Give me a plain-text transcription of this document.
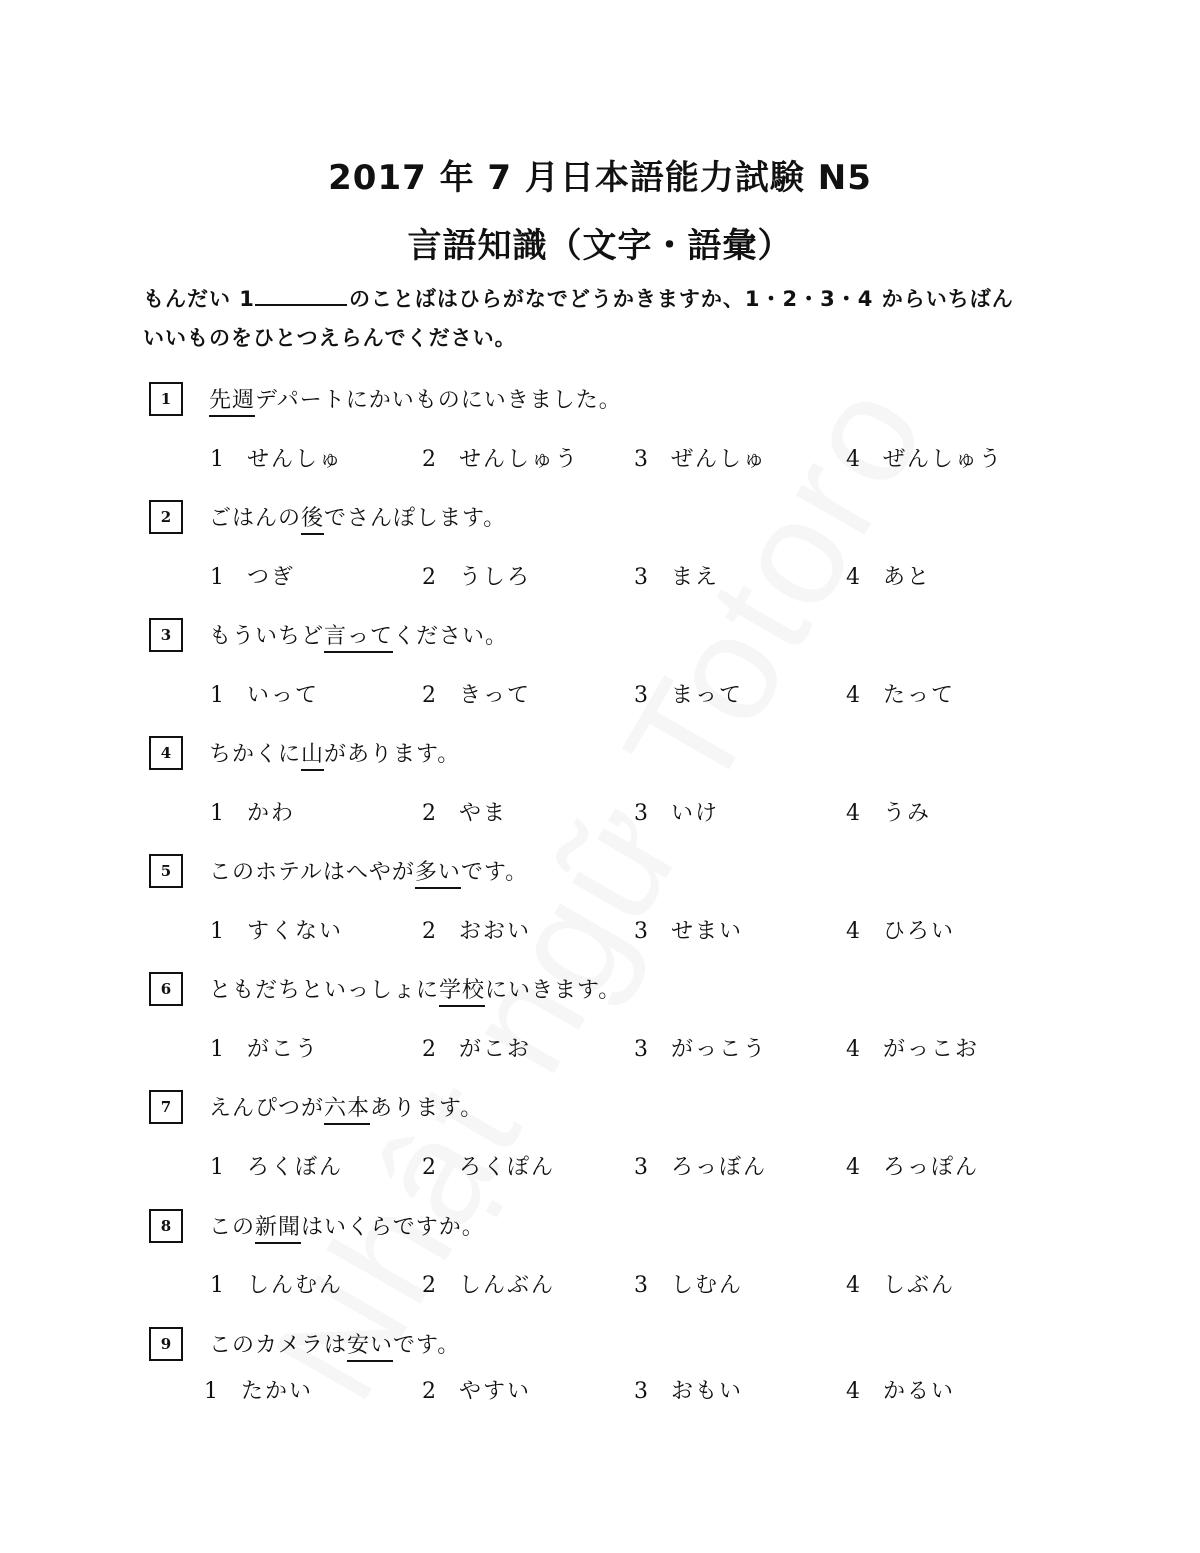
2017 年 7 月日本語能力試験 N5
言語知識（文字・語彙）
もんだい 1	のことばはひらがなでどうかきますか、1・2・3・4 からいちばん
いいものをひとつえらんでください。
1	先週デパートにかいものにいきました。
1 せんしゅ	2 せんしゅう 3 ぜんしゅ	4 ぜんしゅう
2	ごはんの後でさんぽします。
1 つぎ	2 うしろ	3 まえ	4 あと
3	もういちど言ってください。
1 いって	2 きって	3 まって	4 たって
4	ちかくに山があります。
1 かわ	2 やま	3 いけ	4 うみ
5	このホテルはへやが多いです。
1 すくない	2 おおい	3 せまい	4 ひろい
6	ともだちといっしょに学校にいきます。
1 がこう	2 がこお	3 がっこう	4 がっこお
7	えんぴつが六本あります。
1 ろくぼん	2 ろくぽん	3 ろっぼん	4 ろっぽん
8	この新聞はいくらですか。
1 しんむん	2 しんぶん	3 しむん	4 しぶん
9	このカメラは安いです。
1 たかい	2 やすい	3 おもい	4 かるい
